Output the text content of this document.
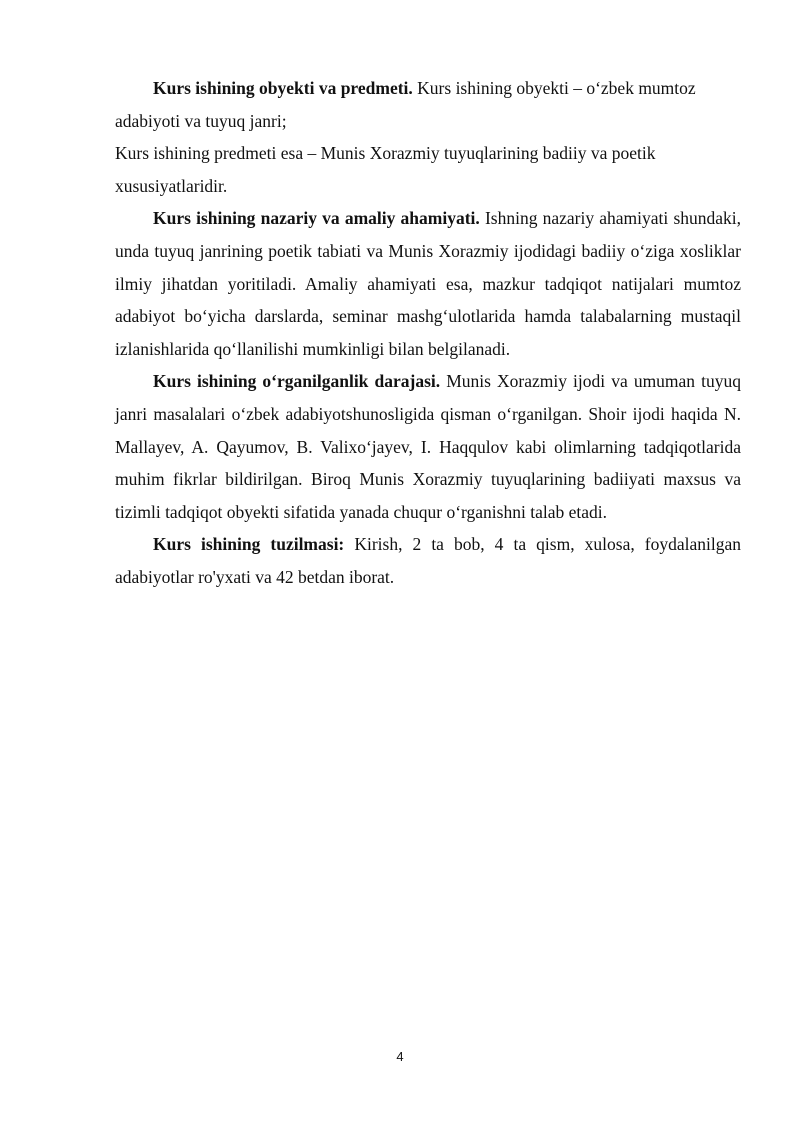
Kurs ishining obyekti va predmeti. Kurs ishining obyekti – o‘zbek mumtoz adabiyoti va tuyuq janri;

Kurs ishining predmeti esa – Munis Xorazmiy tuyuqlarining badiiy va poetik xususiyatlaridir.

Kurs ishining nazariy va amaliy ahamiyati. Ishning nazariy ahamiyati shundaki, unda tuyuq janrining poetik tabiati va Munis Xorazmiy ijodidagi badiiy o‘ziga xosliklar ilmiy jihatdan yoritiladi. Amaliy ahamiyati esa, mazkur tadqiqot natijalari mumtoz adabiyot bo‘yicha darslarda, seminar mashg‘ulotlarida hamda talabalarning mustaqil izlanishlarida qo‘llanilishi mumkinligi bilan belgilanadi.

Kurs ishining o‘rganilganlik darajasi. Munis Xorazmiy ijodi va umuman tuyuq janri masalalari o‘zbek adabiyotshunosligida qisman o‘rganilgan. Shoir ijodi haqida N. Mallayev, A. Qayumov, B. Valixo‘jayev, I. Haqqulov kabi olimlarning tadqiqotlarida muhim fikrlar bildirilgan. Biroq Munis Xorazmiy tuyuqlarining badiiyati maxsus va tizimli tadqiqot obyekti sifatida yanada chuqur o‘rganishni talab etadi.

Kurs ishining tuzilmasi: Kirish, 2 ta bob, 4 ta qism, xulosa, foydalanilgan adabiyotlar ro'yxati va 42 betdan iborat.

4
